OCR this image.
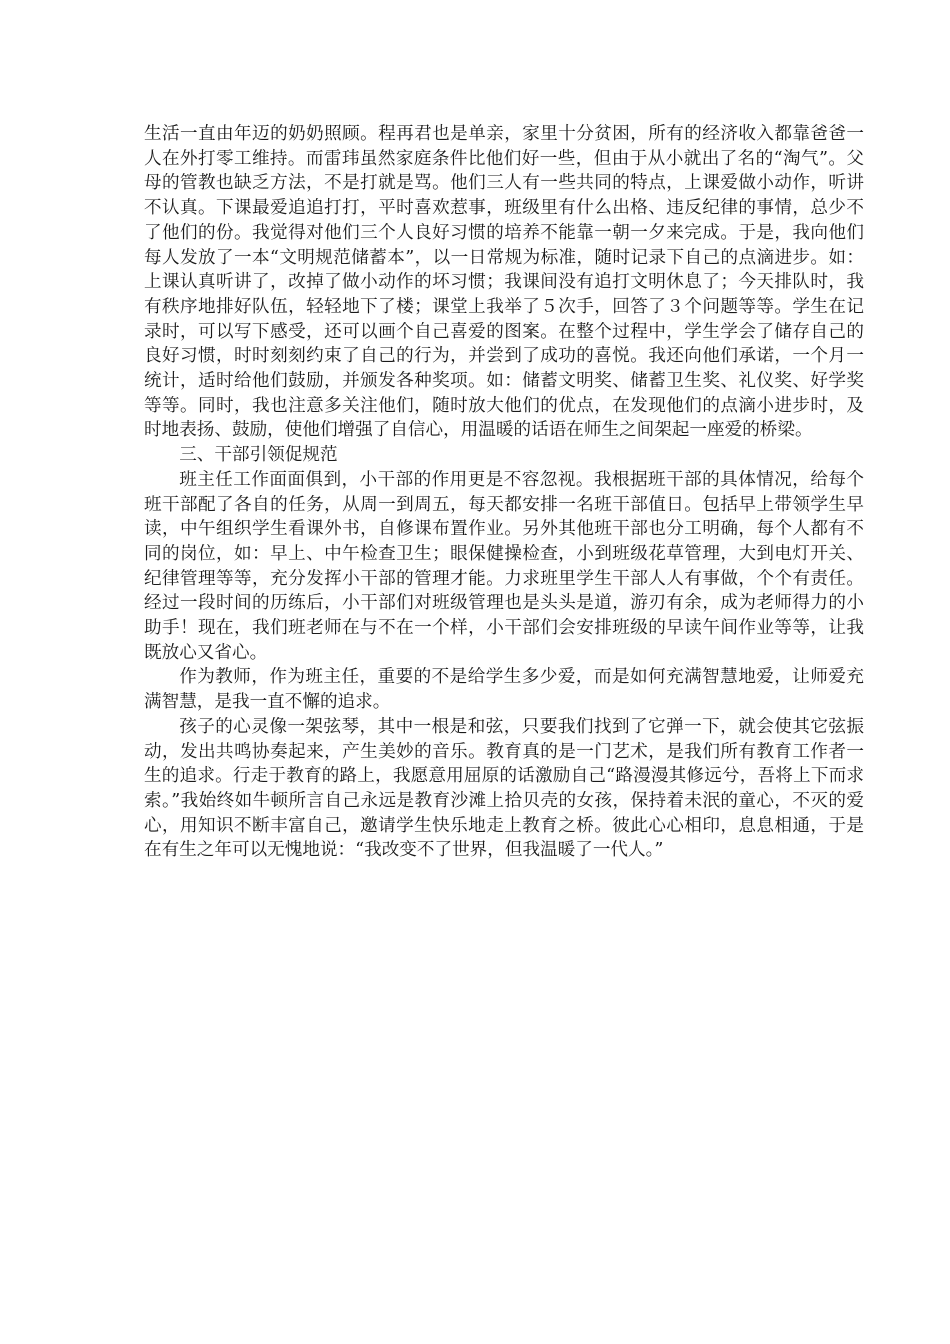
生活一直由年迈的奶奶照顾。程再君也是单亲，家里十分贫困，所有的经济收入都靠爸爸一人在外打零工维持。而雷玮虽然家庭条件比他们好一些，但由于从小就出了名的“淘气”。父母的管教也缺乏方法，不是打就是骂。他们三人有一些共同的特点，上课爱做小动作，听讲不认真。下课最爱追追打打，平时喜欢惹事，班级里有什么出格、违反纪律的事情，总少不了他们的份。我觉得对他们三个人良好习惯的培养不能靠一朝一夕来完成。于是，我向他们每人发放了一本“文明规范储蓄本”，以一日常规为标准，随时记录下自己的点滴进步。如：上课认真听讲了，改掉了做小动作的坏习惯；我课间没有追打文明休息了；今天排队时，我有秩序地排好队伍，轻轻地下了楼；课堂上我举了５次手，回答了３个问题等等。学生在记录时，可以写下感受，还可以画个自己喜爱的图案。在整个过程中，学生学会了储存自己的良好习惯，时时刻刻约束了自己的行为，并尝到了成功的喜悦。我还向他们承诺，一个月一统计，适时给他们鼓励，并颁发各种奖项。如：储蓄文明奖、储蓄卫生奖、礼仪奖、好学奖等等。同时，我也注意多关注他们，随时放大他们的优点，在发现他们的点滴小进步时，及时地表扬、鼓励，使他们增强了自信心，用温暖的话语在师生之间架起一座爱的桥梁。

三、干部引领促规范

班主任工作面面俱到，小干部的作用更是不容忽视。我根据班干部的具体情况，给每个班干部配了各自的任务，从周一到周五，每天都安排一名班干部值日。包括早上带领学生早读，中午组织学生看课外书，自修课布置作业。另外其他班干部也分工明确，每个人都有不同的岗位，如：早上、中午检查卫生；眼保健操检查，小到班级花草管理，大到电灯开关、纪律管理等等，充分发挥小干部的管理才能。力求班里学生干部人人有事做，个个有责任。经过一段时间的历练后，小干部们对班级管理也是头头是道，游刃有余，成为老师得力的小助手！现在，我们班老师在与不在一个样，小干部们会安排班级的早读午间作业等等，让我既放心又省心。

作为教师，作为班主任，重要的不是给学生多少爱，而是如何充满智慧地爱，让师爱充满智慧，是我一直不懈的追求。

孩子的心灵像一架弦琴，其中一根是和弦，只要我们找到了它弹一下，就会使其它弦振动，发出共鸣协奏起来，产生美妙的音乐。教育真的是一门艺术，是我们所有教育工作者一生的追求。行走于教育的路上，我愿意用屈原的话激励自己“路漫漫其修远兮，吾将上下而求索。”我始终如牛顿所言自己永远是教育沙滩上拾贝壳的女孩，保持着未泯的童心，不灭的爱心，用知识不断丰富自己，邀请学生快乐地走上教育之桥。彼此心心相印，息息相通，于是在有生之年可以无愧地说：“我改变不了世界，但我温暖了一代人。”
